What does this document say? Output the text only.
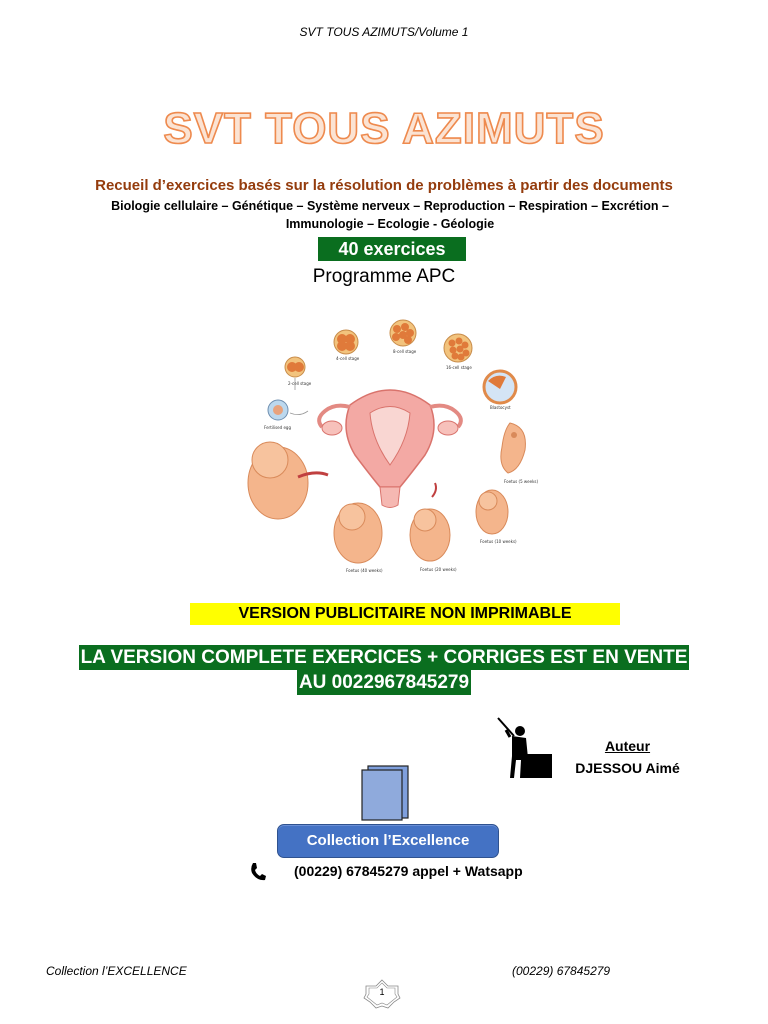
SVT TOUS AZIMUTS/Volume 1
SVT TOUS AZIMUTS
Recueil d’exercices basés sur la résolution de problèmes à partir des documents
Biologie cellulaire – Génétique – Système nerveux – Reproduction – Respiration – Excrétion –
Immunologie – Ecologie - Géologie
40 exercices
Programme APC
Fertilised egg
2-cell stage
4-cell stage
8-cell stage
16-cell stage
Blastocyst
Foetus (5 weeks)
Foetus (10 weeks)
Foetus (20 weeks)
Foetus (40 weeks)
VERSION PUBLICITAIRE NON IMPRIMABLE
LA VERSION COMPLETE EXERCICES + CORRIGES EST EN VENTE
AU 0022967845279
Auteur
DJESSOU Aimé
Collection l’Excellence
(00229) 67845279 appel + Watsapp
Collection l’EXCELLENCE	(00229) 67845279
1
